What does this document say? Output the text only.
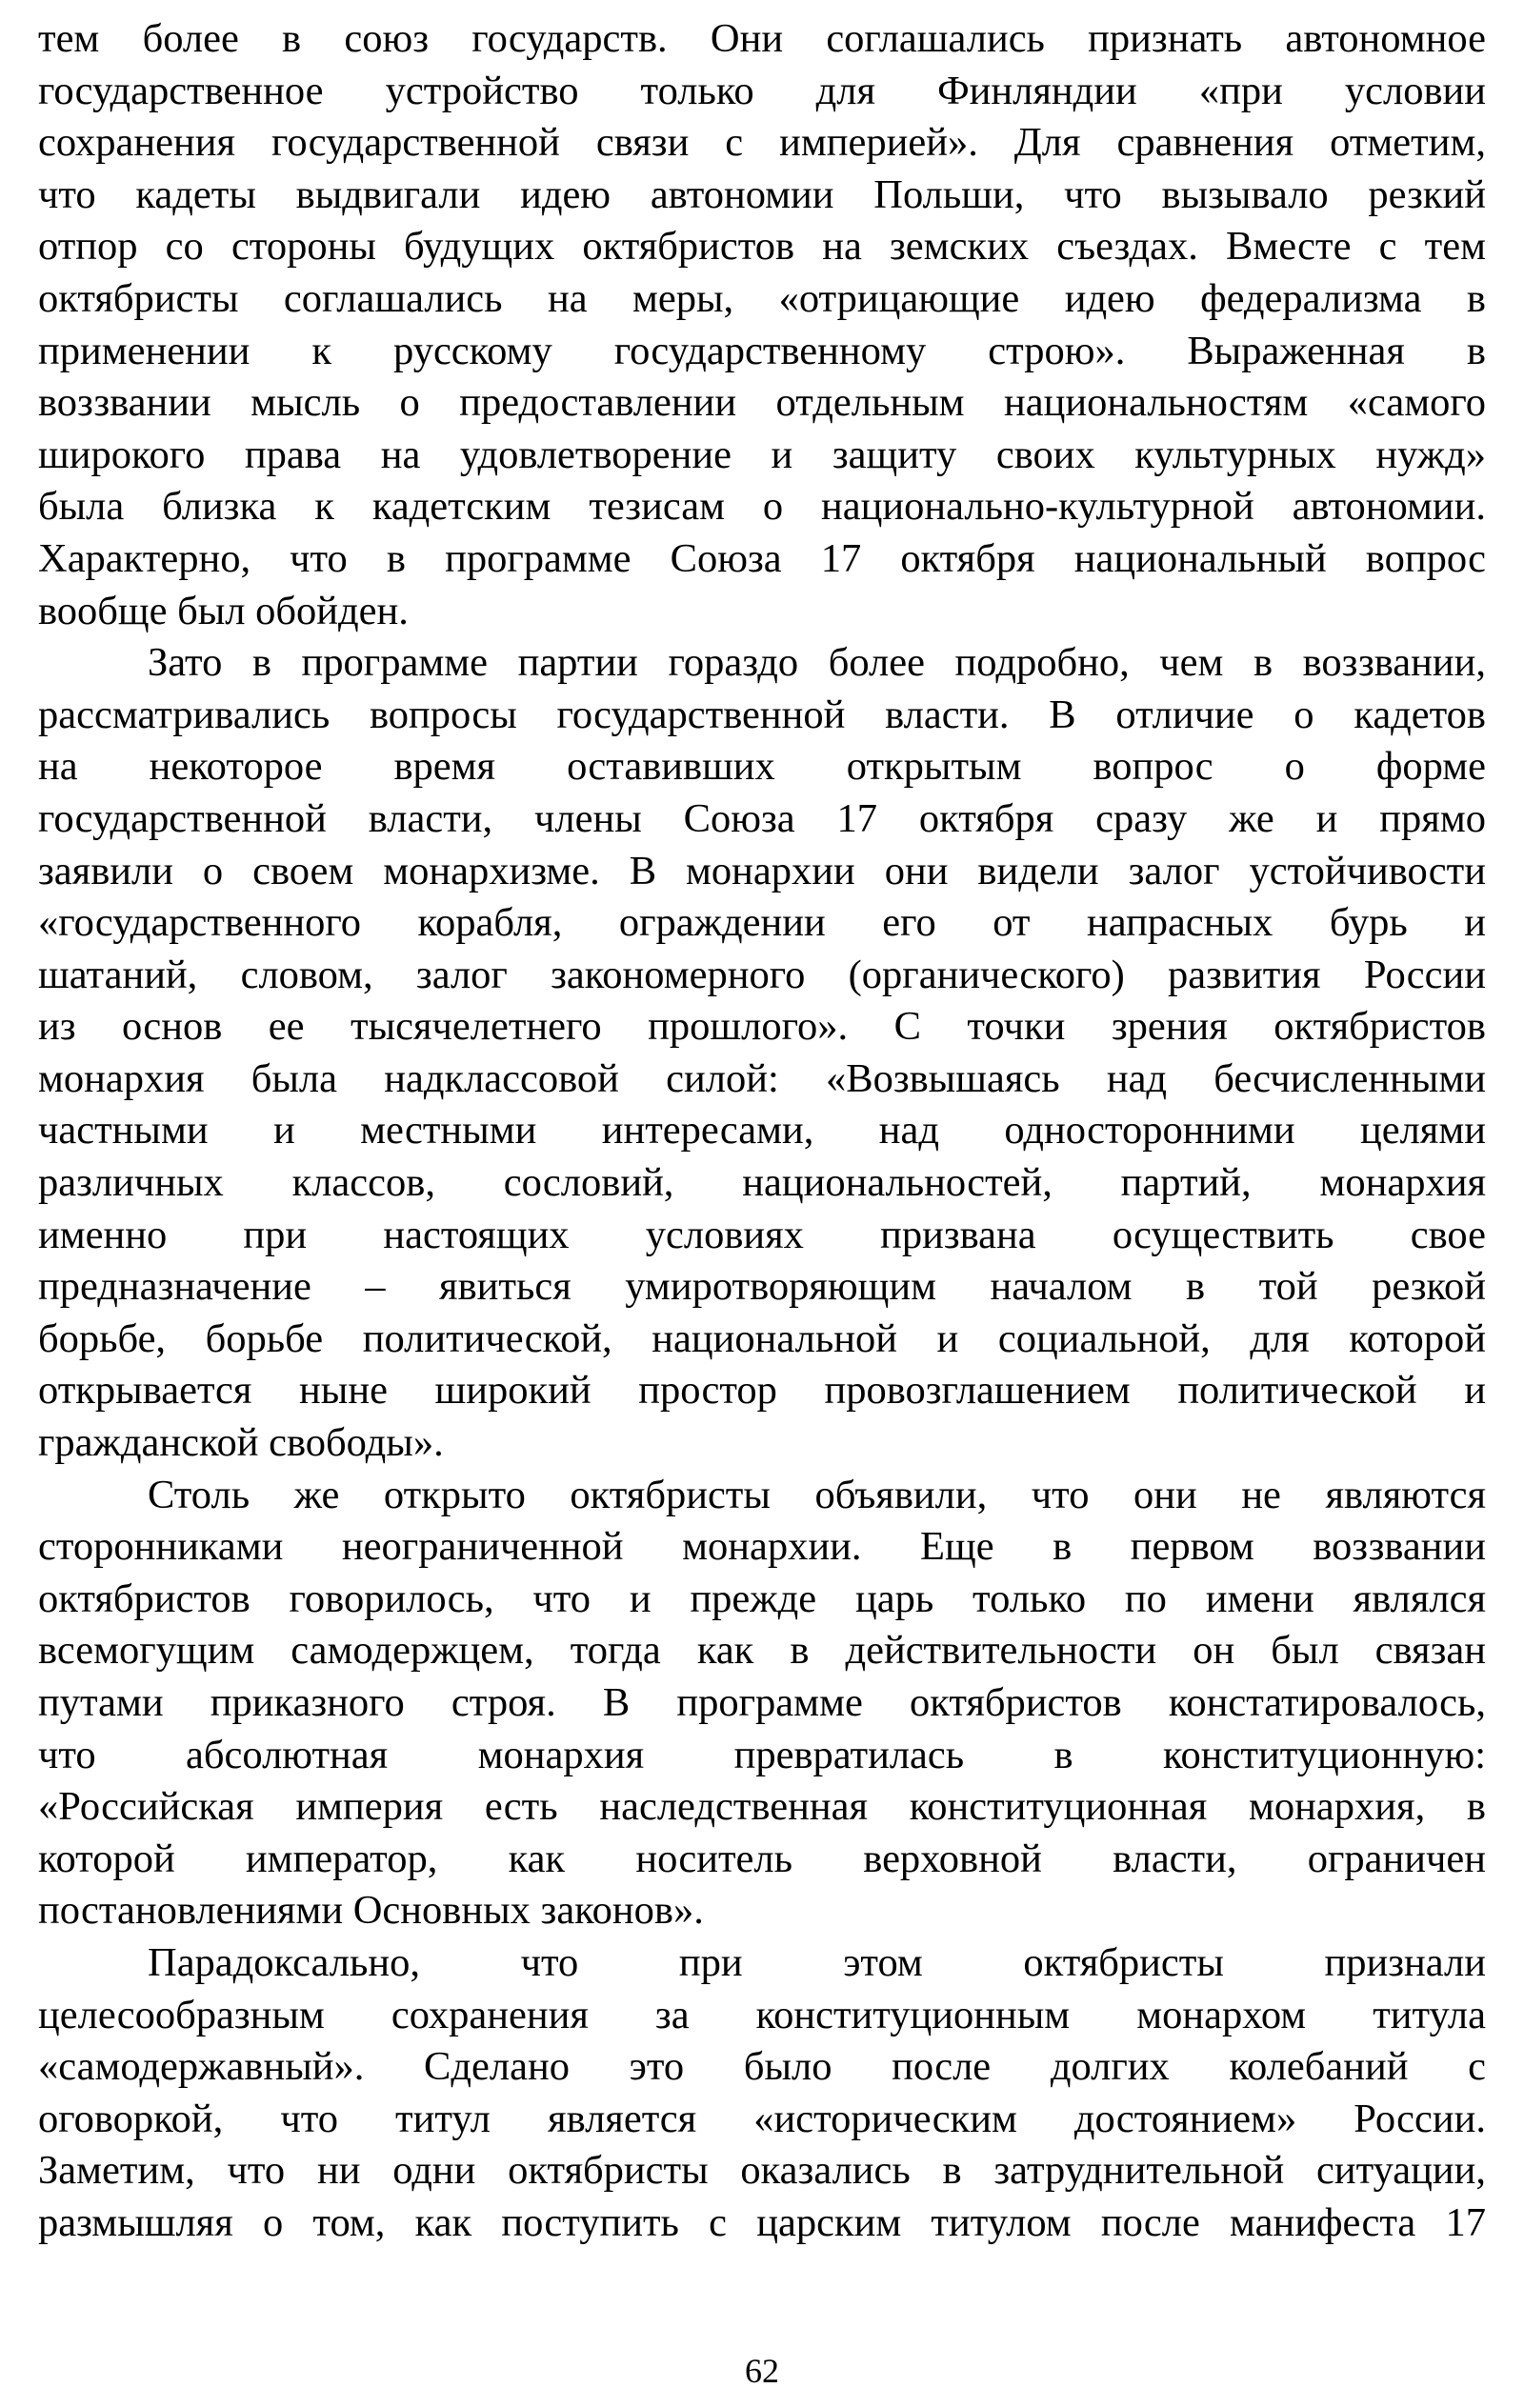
тем более в союз государств. Они соглашались признать автономное
государственное устройство только для Финляндии «при условии
сохранения государственной связи с империей». Для сравнения отметим,
что кадеты выдвигали идею автономии Польши, что вызывало резкий
отпор со стороны будущих октябристов на земских съездах. Вместе с тем
октябристы соглашались на меры, «отрицающие идею федерализма в
применении к русскому государственному строю». Выраженная в
воззвании мысль о предоставлении отдельным национальностям «самого
широкого права на удовлетворение и защиту своих культурных нужд»
была близка к кадетским тезисам о национально-культурной автономии.
Характерно, что в программе Союза 17 октября национальный вопрос
вообще был обойден.
Зато в программе партии гораздо более подробно, чем в воззвании,
рассматривались вопросы государственной власти. В отличие о кадетов
на некоторое время оставивших открытым вопрос о форме
государственной власти, члены Союза 17 октября сразу же и прямо
заявили о своем монархизме. В монархии они видели залог устойчивости
«государственного корабля, ограждении его от напрасных бурь и
шатаний, словом, залог закономерного (органического) развития России
из основ ее тысячелетнего прошлого». С точки зрения октябристов
монархия была надклассовой силой: «Возвышаясь над бесчисленными
частными и местными интересами, над односторонними целями
различных классов, сословий, национальностей, партий, монархия
именно при настоящих условиях призвана осуществить свое
предназначение – явиться умиротворяющим началом в той резкой
борьбе, борьбе политической, национальной и социальной, для которой
открывается ныне широкий простор провозглашением политической и
гражданской свободы».
Столь же открыто октябристы объявили, что они не являются
сторонниками неограниченной монархии. Еще в первом воззвании
октябристов говорилось, что и прежде царь только по имени являлся
всемогущим самодержцем, тогда как в действительности он был связан
путами приказного строя. В программе октябристов констатировалось,
что абсолютная монархия превратилась в конституционную:
«Российская империя есть наследственная конституционная монархия, в
которой император, как носитель верховной власти, ограничен
постановлениями Основных законов».
Парадоксально, что при этом октябристы признали
целесообразным сохранения за конституционным монархом титула
«самодержавный». Сделано это было после долгих колебаний с
оговоркой, что титул является «историческим достоянием» России.
Заметим, что ни одни октябристы оказались в затруднительной ситуации,
размышляя о том, как поступить с царским титулом после манифеста 17
62
